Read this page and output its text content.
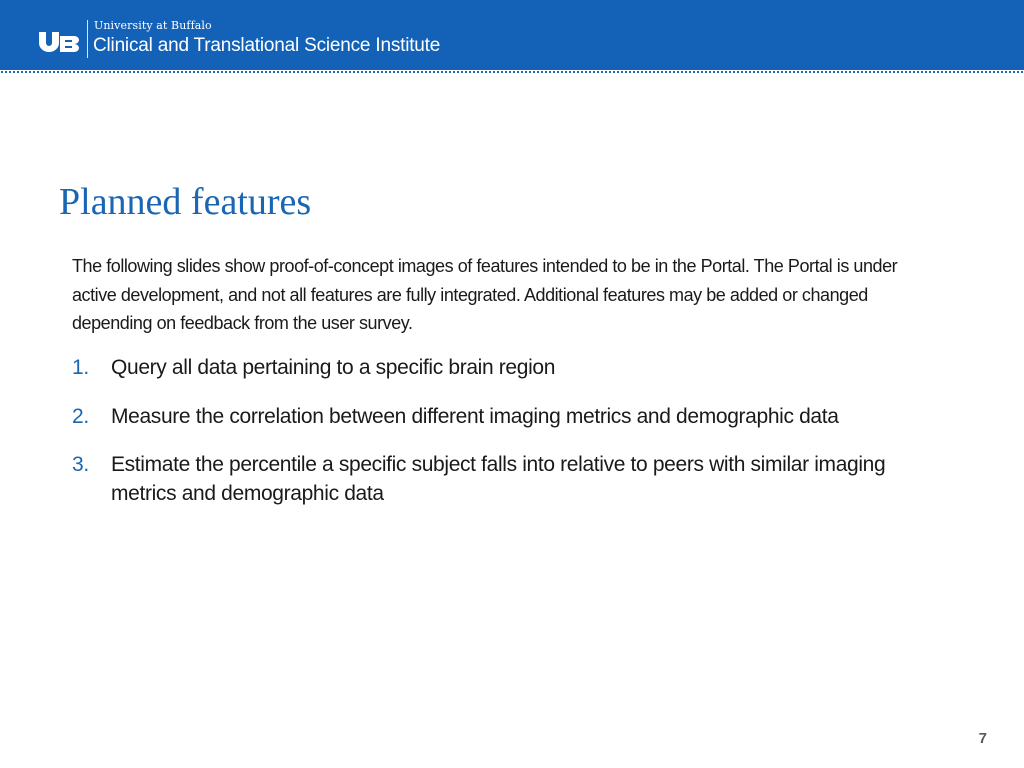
University at Buffalo
Clinical and Translational Science Institute
Planned features
The following slides show proof-of-concept images of features intended to be in the Portal. The Portal is under active development, and not all features are fully integrated. Additional features may be added or changed depending on feedback from the user survey.
1. Query all data pertaining to a specific brain region
2. Measure the correlation between different imaging metrics and demographic data
3. Estimate the percentile a specific subject falls into relative to peers with similar imaging metrics and demographic data
7
